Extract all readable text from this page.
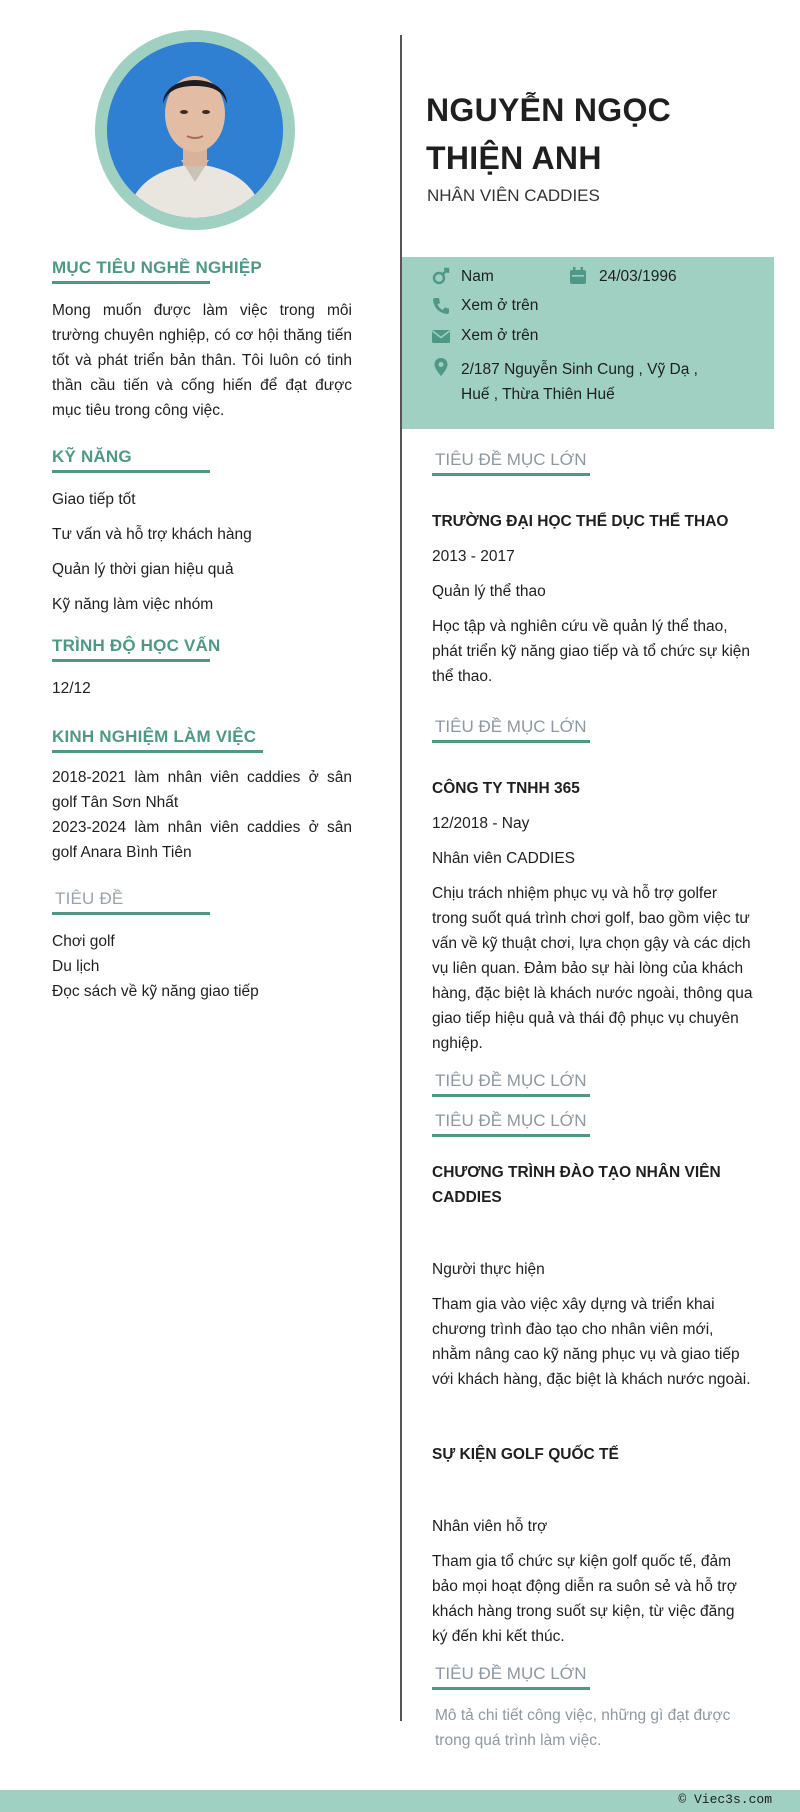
MỤC TIÊU NGHỀ NGHIỆP
Mong muốn được làm việc trong môi trường chuyên nghiệp, có cơ hội thăng tiến tốt và phát triển bản thân. Tôi luôn có tinh thần cầu tiến và cống hiến để đạt được mục tiêu trong công việc.
KỸ NĂNG
Giao tiếp tốt
Tư vấn và hỗ trợ khách hàng
Quản lý thời gian hiệu quả
Kỹ năng làm việc nhóm
TRÌNH ĐỘ HỌC VẤN
12/12
KINH NGHIỆM LÀM VIỆC
2018-2021 làm nhân viên caddies ở sân golf Tân Sơn Nhất
2023-2024 làm nhân viên caddies ở sân golf Anara Bình Tiên
TIÊU ĐỀ
Chơi golf
Du lịch
Đọc sách về kỹ năng giao tiếp
NGUYỄN NGỌC THIỆN ANH
NHÂN VIÊN CADDIES
Nam	24/03/1996
Xem ở trên
Xem ở trên
2/187 Nguyễn Sinh Cung , Vỹ Dạ , Huế , Thừa Thiên Huế
TIÊU ĐỀ MỤC LỚN
TRƯỜNG ĐẠI HỌC THỂ DỤC THỂ THAO
2013 - 2017
Quản lý thể thao
Học tập và nghiên cứu về quản lý thể thao, phát triển kỹ năng giao tiếp và tổ chức sự kiện thể thao.
TIÊU ĐỀ MỤC LỚN
CÔNG TY TNHH 365
12/2018 - Nay
Nhân viên CADDIES
Chịu trách nhiệm phục vụ và hỗ trợ golfer trong suốt quá trình chơi golf, bao gồm việc tư vấn về kỹ thuật chơi, lựa chọn gậy và các dịch vụ liên quan. Đảm bảo sự hài lòng của khách hàng, đặc biệt là khách nước ngoài, thông qua giao tiếp hiệu quả và thái độ phục vụ chuyên nghiệp.
TIÊU ĐỀ MỤC LỚN
TIÊU ĐỀ MỤC LỚN
CHƯƠNG TRÌNH ĐÀO TẠO NHÂN VIÊN CADDIES
Người thực hiện
Tham gia vào việc xây dựng và triển khai chương trình đào tạo cho nhân viên mới, nhằm nâng cao kỹ năng phục vụ và giao tiếp với khách hàng, đặc biệt là khách nước ngoài.
SỰ KIỆN GOLF QUỐC TẾ
Nhân viên hỗ trợ
Tham gia tổ chức sự kiện golf quốc tế, đảm bảo mọi hoạt động diễn ra suôn sẻ và hỗ trợ khách hàng trong suốt sự kiện, từ việc đăng ký đến khi kết thúc.
TIÊU ĐỀ MỤC LỚN
Mô tả chi tiết công việc, những gì đạt được trong quá trình làm việc.
© Viec3s.com
